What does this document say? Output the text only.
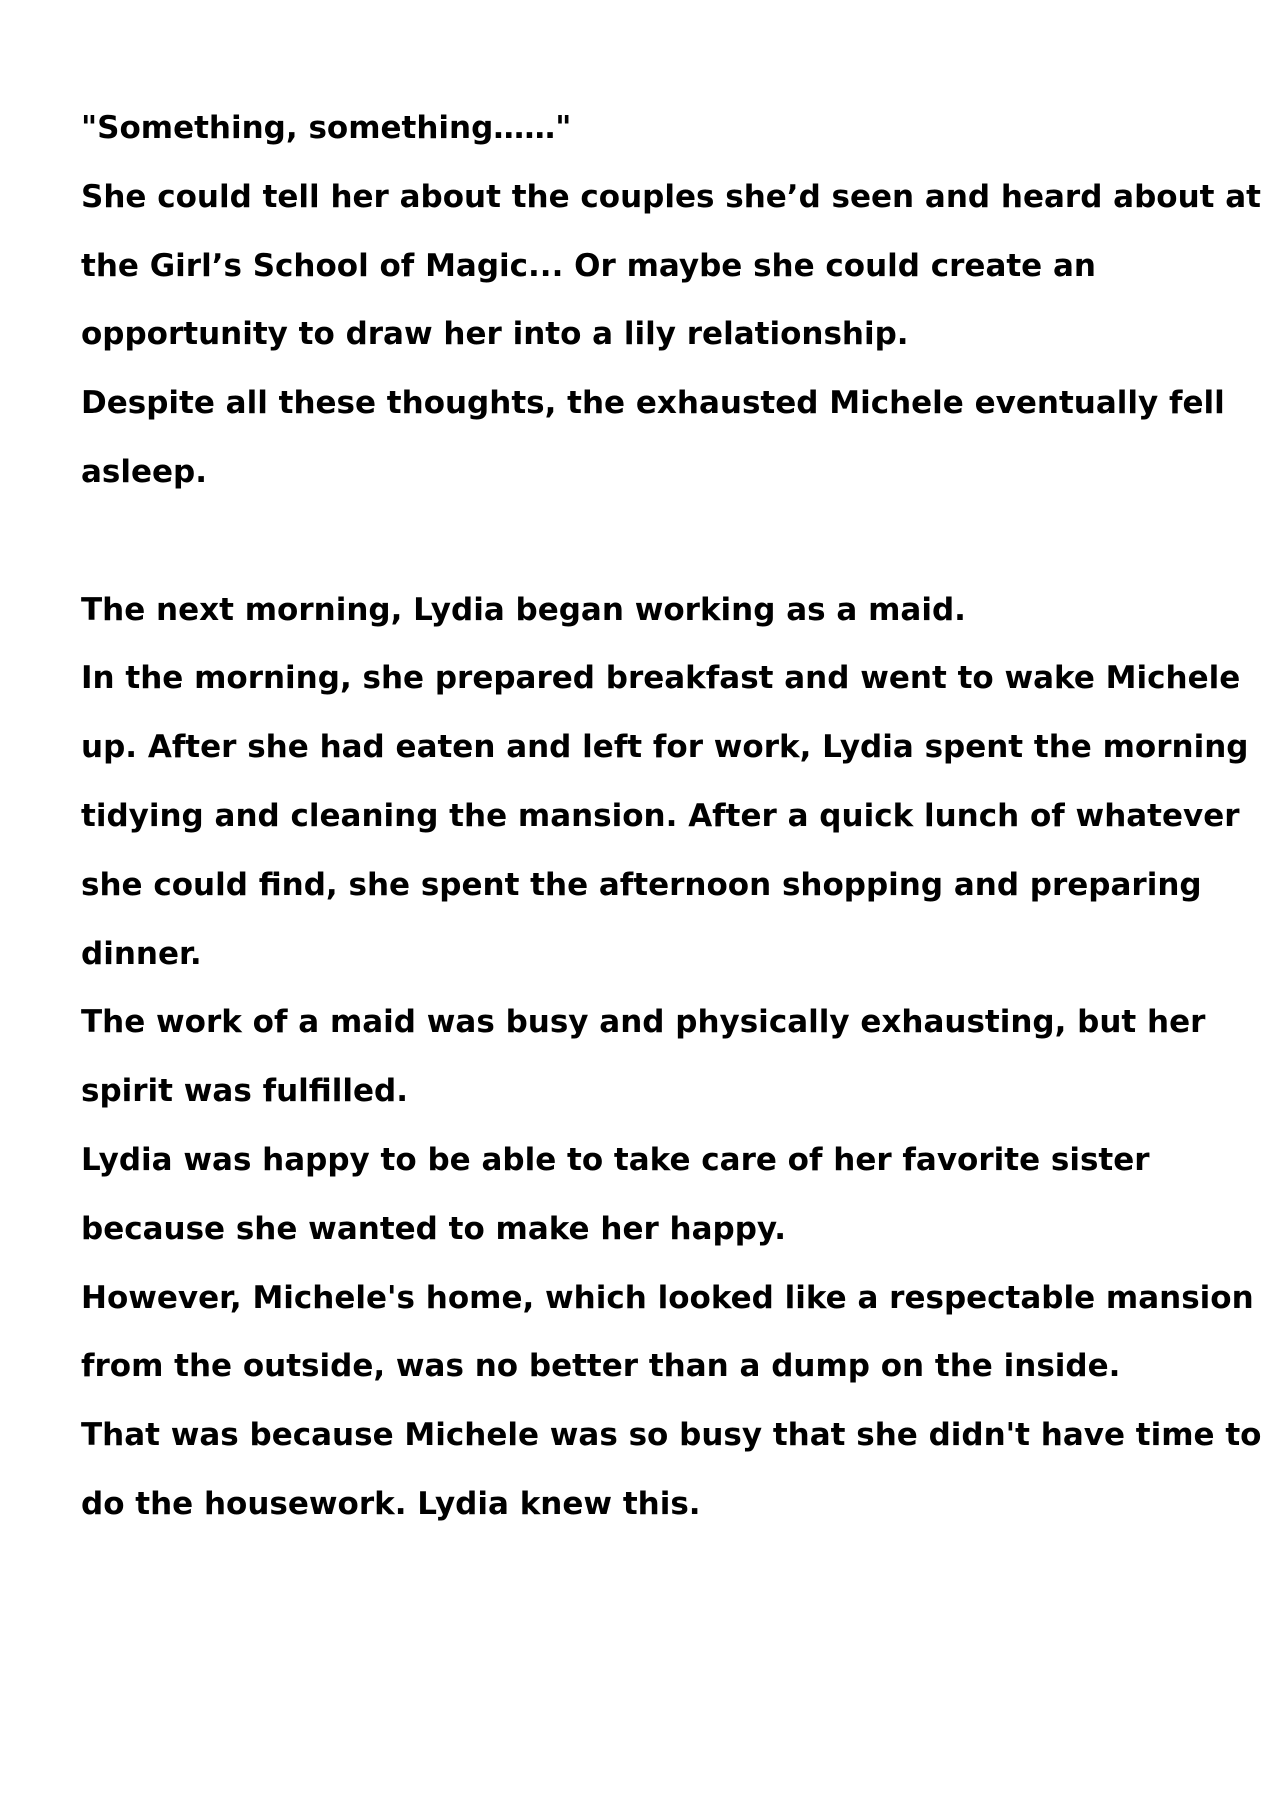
"Something, something……"
She could tell her about the couples she’d seen and heard about at
the Girl’s School of Magic... Or maybe she could create an
opportunity to draw her into a lily relationship.
Despite all these thoughts, the exhausted Michele eventually fell
asleep.
The next morning, Lydia began working as a maid.
In the morning, she prepared breakfast and went to wake Michele
up. After she had eaten and left for work, Lydia spent the morning
tidying and cleaning the mansion. After a quick lunch of whatever
she could find, she spent the afternoon shopping and preparing
dinner.
The work of a maid was busy and physically exhausting, but her
spirit was fulfilled.
Lydia was happy to be able to take care of her favorite sister
because she wanted to make her happy.
However, Michele's home, which looked like a respectable mansion
from the outside, was no better than a dump on the inside.
That was because Michele was so busy that she didn't have time to
do the housework. Lydia knew this.
